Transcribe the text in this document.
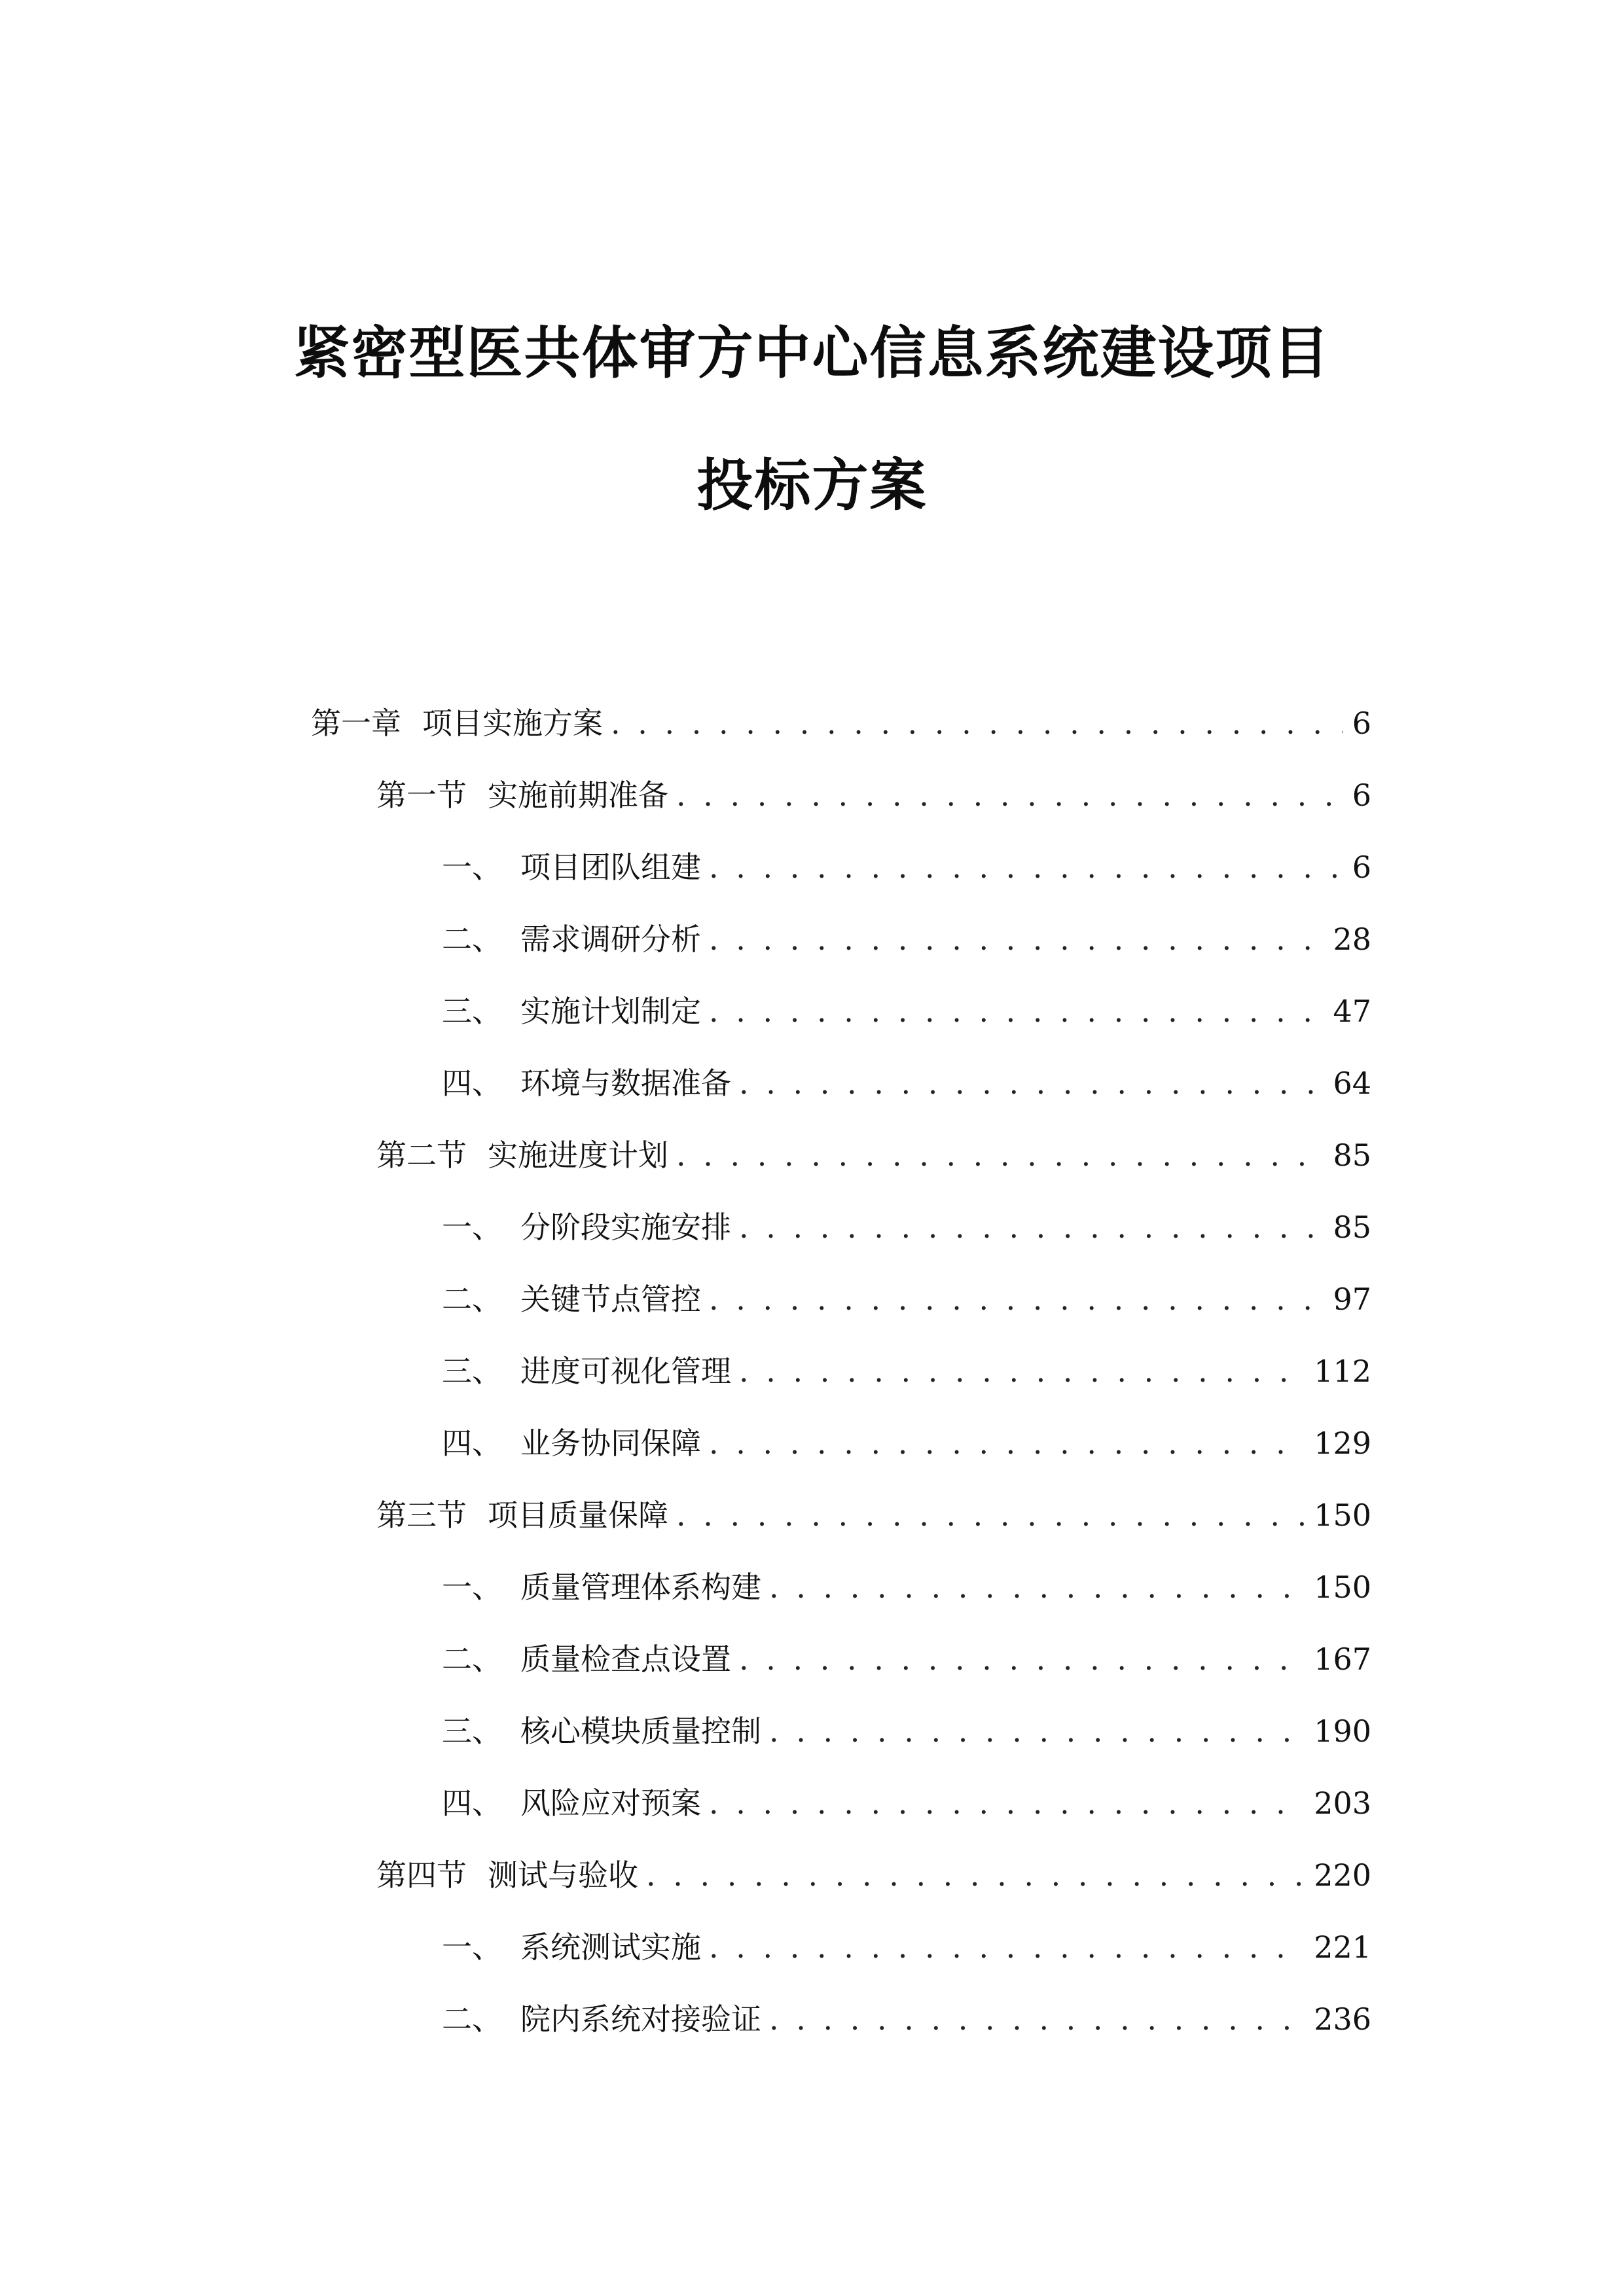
紧密型医共体审方中心信息系统建设项目
投标方案
第一章 项目实施方案 . . .	6
第一节 实施前期准备 . . .	6
一、 项目团队组建 . . .	6
二、 需求调研分析 . . .	28
三、 实施计划制定 . . .	47
四、 环境与数据准备 . . .	64
第二节 实施进度计划 . . .	85
一、 分阶段实施安排 . . .	85
二、 关键节点管控 . . .	97
三、 进度可视化管理 . . .	112
四、 业务协同保障 . . .	129
第三节 项目质量保障 . . .	150
一、 质量管理体系构建 . . .	150
二、 质量检查点设置 . . .	167
三、 核心模块质量控制 . . .	190
四、 风险应对预案 . . .	203
第四节 测试与验收 . . .	220
一、 系统测试实施 . . .	221
二、 院内系统对接验证 . . .	236
